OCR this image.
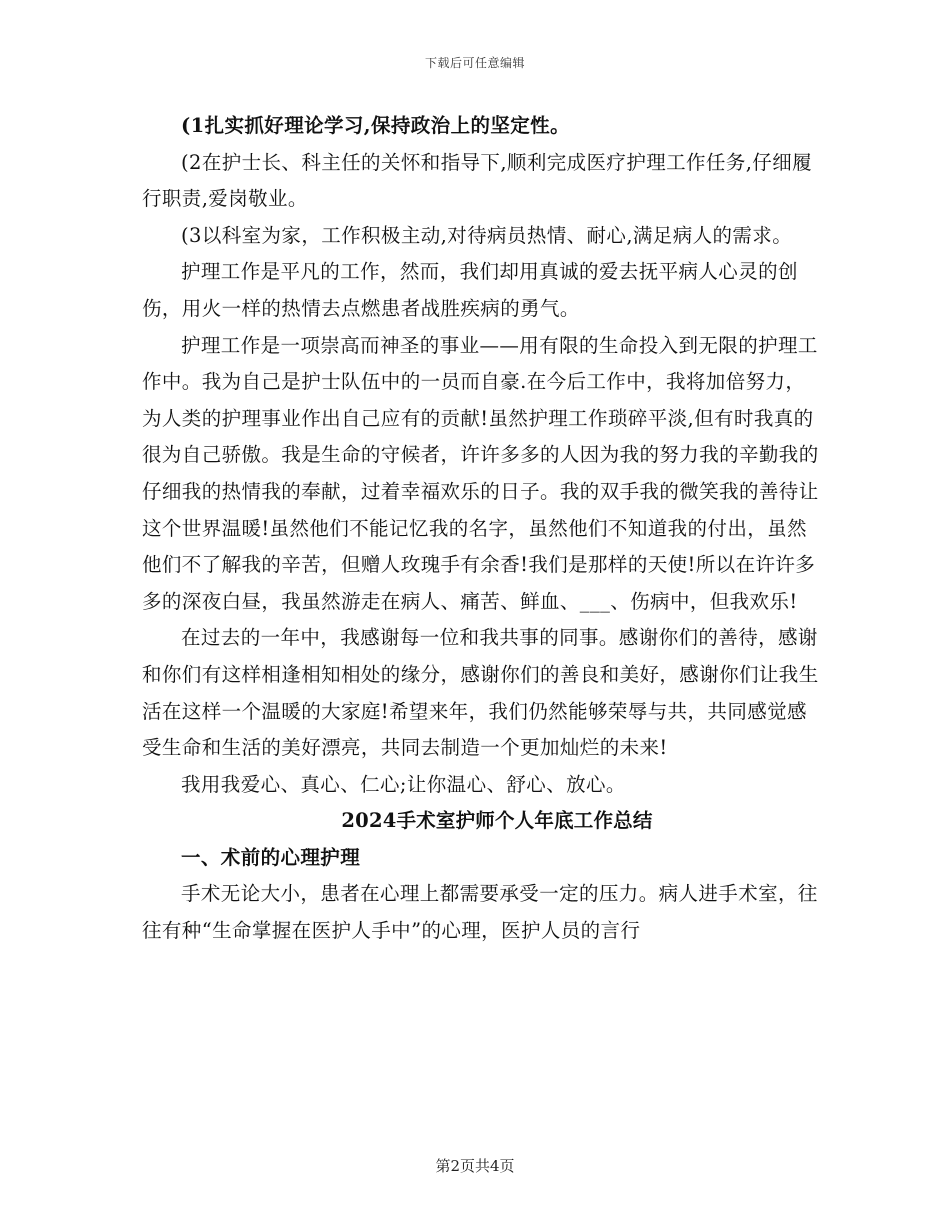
下载后可任意编辑

(1扎实抓好理论学习,保持政治上的坚定性。

(2在护士长、科主任的关怀和指导下,顺利完成医疗护理工作任务,仔细履行职责,爱岗敬业。

(3以科室为家，工作积极主动,对待病员热情、耐心,满足病人的需求。

护理工作是平凡的工作，然而，我们却用真诚的爱去抚平病人心灵的创伤，用火一样的热情去点燃患者战胜疾病的勇气。

护理工作是一项崇高而神圣的事业——用有限的生命投入到无限的护理工作中。我为自己是护士队伍中的一员而自豪.在今后工作中，我将加倍努力，为人类的护理事业作出自己应有的贡献!虽然护理工作琐碎平淡,但有时我真的很为自己骄傲。我是生命的守候者，许许多多的人因为我的努力我的辛勤我的仔细我的热情我的奉献，过着幸福欢乐的日子。我的双手我的微笑我的善待让这个世界温暖!虽然他们不能记忆我的名字，虽然他们不知道我的付出，虽然他们不了解我的辛苦，但赠人玫瑰手有余香!我们是那样的天使!所以在许许多多的深夜白昼，我虽然游走在病人、痛苦、鲜血、___、伤病中，但我欢乐!

在过去的一年中，我感谢每一位和我共事的同事。感谢你们的善待，感谢和你们有这样相逢相知相处的缘分，感谢你们的善良和美好，感谢你们让我生活在这样一个温暖的大家庭!希望来年，我们仍然能够荣辱与共，共同感觉感受生命和生活的美好漂亮，共同去制造一个更加灿烂的未来!

我用我爱心、真心、仁心;让你温心、舒心、放心。

2024手术室护师个人年底工作总结

一、术前的心理护理

手术无论大小，患者在心理上都需要承受一定的压力。病人进手术室，往往有种“生命掌握在医护人手中”的心理，医护人员的言行

第2页共4页
